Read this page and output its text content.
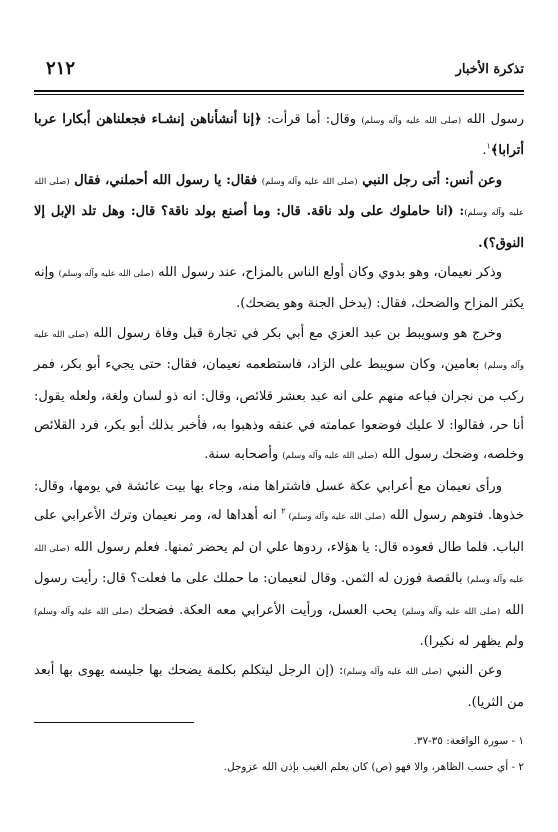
تذكرة الأخبار
٢١٢

رسول الله (صلى الله عليه وآله وسلم) وقال: أما قرأت: ﴿إنا أنشأناهن إنشـاء فجعلناهن أبكارا عربا أترابا﴾$^١$.

وعن أنس: أتى رجل النبي (صلى الله عليه وآله وسلم) فقال: يا رسول الله أحملني، فقال (صلى الله عليه وآله وسلم): (انا حاملوك على ولد ناقة. قال: وما أصنع بولد ناقة؟ قال: وهل تلد الإبل إلا النوق؟).

وذكر نعيمان، وهو بدوي وكان أولع الناس بالمزاح، عند رسول الله (صلى الله عليه وآله وسلم) وإنه يكثر المزاح والضحك، فقال: (يدخل الجنة وهو يضحك).

وخرج هو وسويبط بن عبد العزي مع أبي بكر في تجارة قبل وفاة رسول الله (صلى الله عليه وآله وسلم) بعامين، وكان سويبط على الزاد، فاستطعمه نعيمان، فقال: حتى يجيء أبو بكر، فمر ركب من نجران فباعه منهم على انه عبد بعشر قلائص، وقال: انه ذو لسان ولغة، ولعله يقول: أنا حر، فقالوا: لا عليك فوضعوا عمامته في عنقه وذهبوا به، فأخبر بذلك أبو بكر، فرد القلائص وخلصه، وضحك رسول الله (صلى الله عليه وآله وسلم) وأصحابه سنة.

ورأى نعيمان مع أعرابي عكة عسل فاشتراها منه، وجاء بها بيت عائشة في يومها، وقال: خذوها. فتوهم رسول الله (صلى الله عليه وآله وسلم) $^٢$ انه أهداها له، ومر نعيمان وترك الأعرابي على الباب. فلما طال قعوده قال: يا هؤلاء، ردوها علي ان لم يحضر ثمنها. فعلم رسول الله (صلى الله عليه وآله وسلم) بالقصة فوزن له الثمن. وقال لنعيمان: ما حملك على ما فعلت؟ قال: رأيت رسول الله (صلى الله عليه وآله وسلم) يحب العسل، ورأيت الأعرابي معه العكة. فضحك (صلى الله عليه وآله وسلم) ولم يظهر له نكيرا).

وعن النبي (صلى الله عليه وآله وسلم): (إن الرجل ليتكلم بكلمة يضحك بها جليسه يهوى بها أبعد من الثريا).

١ - سورة الواقعة: ٣٥-٣٧.

٢ - أي حسب الظاهر، والا فهو (ص) كان يعلم الغيب بإذن الله عزوجل.
